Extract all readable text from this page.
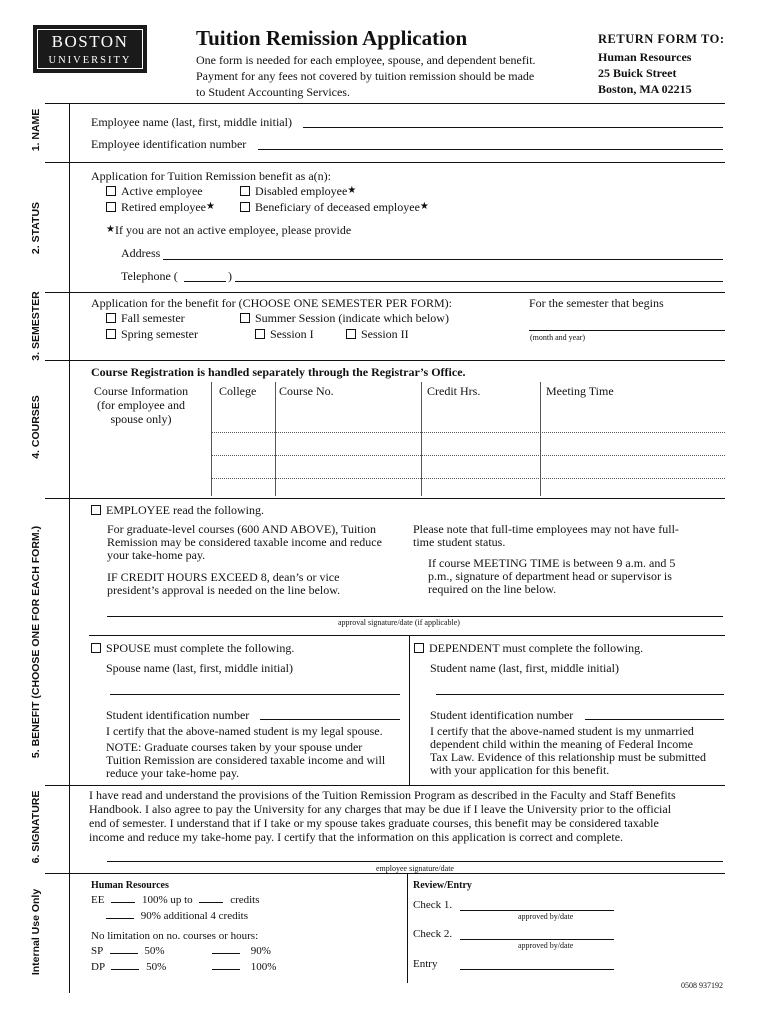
BOSTON
UNIVERSITY
Tuition Remission Application
One form is needed for each employee, spouse, and dependent benefit.
Payment for any fees not covered by tuition remission should be made
to Student Accounting Services.
RETURN FORM TO:
Human Resources
25 Buick Street
Boston, MA 02215
1. NAME
2. STATUS
3. SEMESTER
4. COURSES
5. BENEFIT (CHOOSE ONE FOR EACH FORM.)
6. SIGNATURE
Internal Use Only
Employee name (last, first, middle initial)
Employee identification number
Application for Tuition Remission benefit as a(n):
Active employee	Disabled employee★
Retired employee★	Beneficiary of deceased employee★
★If you are not an active employee, please provide
Address
Telephone (	)
Application for the benefit for (CHOOSE ONE SEMESTER PER FORM):
Fall semester	Summer Session (indicate which below)
Spring semester	Session I	Session II
For the semester that begins
(month and year)
Course Registration is handled separately through the Registrar’s Office.
Course Information
(for employee and
spouse only)
College Course No.	Credit Hrs.	Meeting Time
EMPLOYEE read the following.
For graduate-level courses (600 AND ABOVE), Tuition
Remission may be considered taxable income and reduce
your take-home pay.
IF CREDIT HOURS EXCEED 8, dean’s or vice
president’s approval is needed on the line below.
Please note that full-time employees may not have full-
time student status.
If course MEETING TIME is between 9 a.m. and 5
p.m., signature of department head or supervisor is
required on the line below.
approval signature/date (if applicable)
SPOUSE must complete the following.
Spouse name (last, first, middle initial)
Student identification number
I certify that the above-named student is my legal spouse.
NOTE: Graduate courses taken by your spouse under
Tuition Remission are considered taxable income and will
reduce your take-home pay.
DEPENDENT must complete the following.
Student name (last, first, middle initial)
Student identification number
I certify that the above-named student is my unmarried
dependent child within the meaning of Federal Income
Tax Law. Evidence of this relationship must be submitted
with your application for this benefit.
I have read and understand the provisions of the Tuition Remission Program as described in the Faculty and Staff Benefits
Handbook. I also agree to pay the University for any charges that may be due if I leave the University prior to the official
end of semester. I understand that if I take or my spouse takes graduate courses, this benefit may be considered taxable
income and reduce my take-home pay. I certify that the information on this application is correct and complete.
employee signature/date
Human Resources
EE	100% up to	credits
90% additional 4 credits
No limitation on no. courses or hours:
SP	50%	90%
DP	50%	100%
Review/Entry
Check 1.
approved by/date
Check 2.
approved by/date
Entry
0508 937192
